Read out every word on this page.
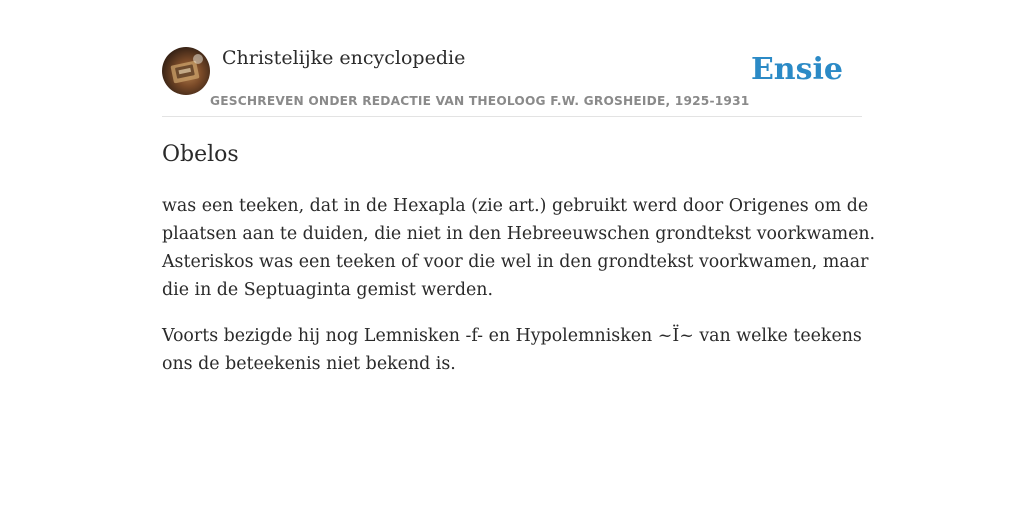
Christelijke encyclopedie
GESCHREVEN ONDER REDACTIE VAN THEOLOOG F.W. GROSHEIDE, 1925-1931
Ensie
Obelos

was een teeken, dat in de Hexapla (zie art.) gebruikt werd door Origenes om de
plaatsen aan te duiden, die niet in den Hebreeuwschen grondtekst voorkwamen.
Asteriskos was een teeken of voor die wel in den grondtekst voorkwamen, maar
die in de Septuaginta gemist werden.

Voorts bezigde hij nog Lemnisken -f- en Hypolemnisken ~Ï~ van welke teekens
ons de beteekenis niet bekend is.
